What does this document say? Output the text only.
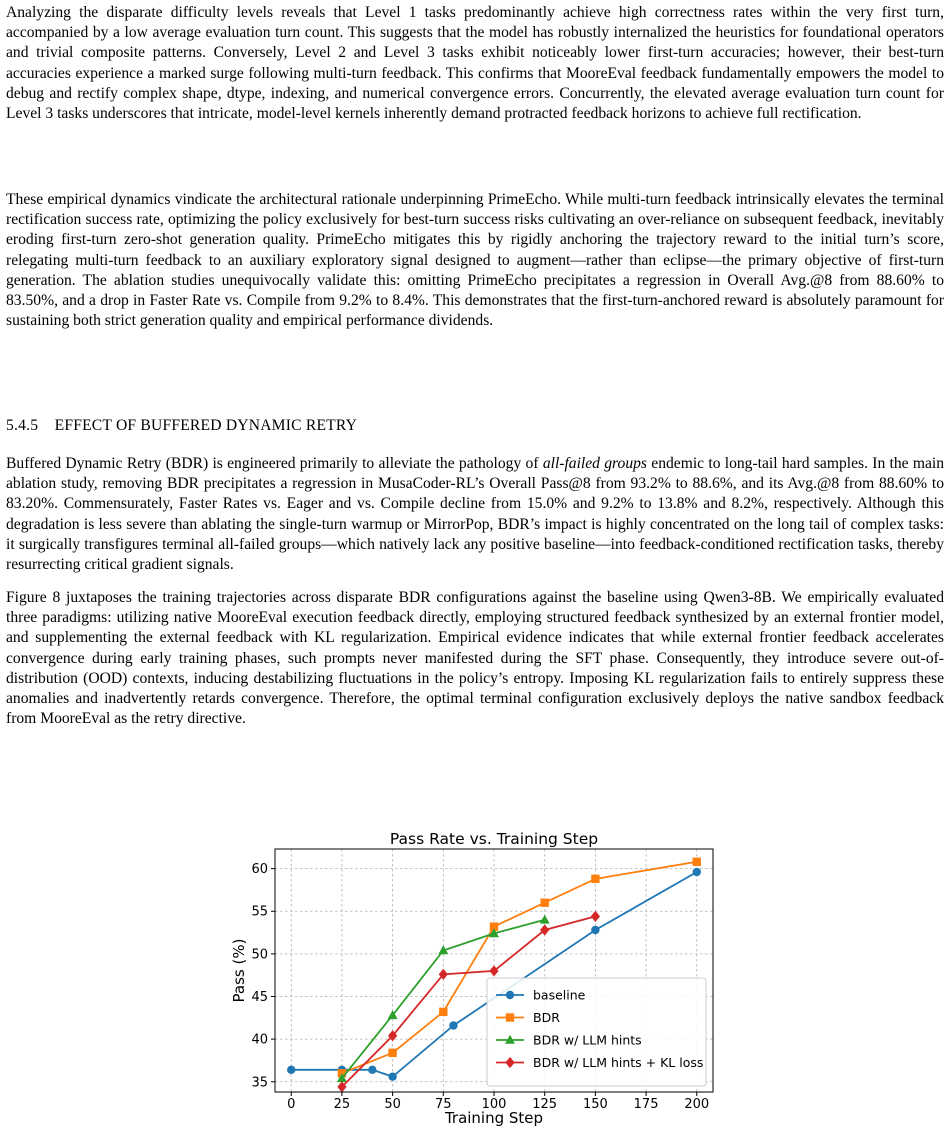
Analyzing the disparate difficulty levels reveals that Level 1 tasks predominantly achieve high correctness rates within the very first turn, accompanied by a low average evaluation turn count. This suggests that the model has robustly internalized the heuristics for foundational operators and trivial composite patterns. Conversely, Level 2 and Level 3 tasks exhibit noticeably lower first-turn accuracies; however, their best-turn accuracies experience a marked surge following multi-turn feedback. This confirms that MooreEval feedback fundamentally empowers the model to debug and rectify complex shape, dtype, indexing, and numerical convergence errors. Concurrently, the elevated average evaluation turn count for Level 3 tasks underscores that intricate, model-level kernels inherently demand protracted feedback horizons to achieve full rectification.

These empirical dynamics vindicate the architectural rationale underpinning PrimeEcho. While multi-turn feedback intrinsically elevates the terminal rectification success rate, optimizing the policy exclusively for best-turn success risks cultivating an over-reliance on subsequent feedback, inevitably eroding first-turn zero-shot generation quality. PrimeEcho mitigates this by rigidly anchoring the trajectory reward to the initial turn’s score, relegating multi-turn feedback to an auxiliary exploratory signal designed to augment—rather than eclipse—the primary objective of first-turn generation. The ablation studies unequivocally validate this: omitting PrimeEcho precipitates a regression in Overall Avg.@8 from 88.60% to 83.50%, and a drop in Faster Rate vs. Compile from 9.2% to 8.4%. This demonstrates that the first-turn-anchored reward is absolutely paramount for sustaining both strict generation quality and empirical performance dividends.

5.4.5 EFFECT OF BUFFERED DYNAMIC RETRY

Buffered Dynamic Retry (BDR) is engineered primarily to alleviate the pathology of all-failed groups endemic to long-tail hard samples. In the main ablation study, removing BDR precipitates a regression in MusaCoder-RL’s Overall Pass@8 from 93.2% to 88.6%, and its Avg.@8 from 88.60% to 83.20%. Commensurately, Faster Rates vs. Eager and vs. Compile decline from 15.0% and 9.2% to 13.8% and 8.2%, respectively. Although this degradation is less severe than ablating the single-turn warmup or MirrorPop, BDR’s impact is highly concentrated on the long tail of complex tasks: it surgically transfigures terminal all-failed groups—which natively lack any positive baseline—into feedback-conditioned rectification tasks, thereby resurrecting critical gradient signals.

Figure 8 juxtaposes the training trajectories across disparate BDR configurations against the baseline using Qwen3-8B. We empirically evaluated three paradigms: utilizing native MooreEval execution feedback directly, employing structured feedback synthesized by an external frontier model, and supplementing the external feedback with KL regularization. Empirical evidence indicates that while external frontier feedback accelerates convergence during early training phases, such prompts never manifested during the SFT phase. Consequently, they introduce severe out-of-distribution (OOD) contexts, inducing destabilizing fluctuations in the policy’s entropy. Imposing KL regularization fails to entirely suppress these anomalies and inadvertently retards convergence. Therefore, the optimal terminal configuration exclusively deploys the native sandbox feedback from MooreEval as the retry directive.

0	25	50	75 100 125 150 175 200
35
40
45
50
55
60
Pass Rate vs. Training Step
Training Step
Pass (%)	baseline
BDR
BDR w/ LLM hints
BDR w/ LLM hints + KL loss
